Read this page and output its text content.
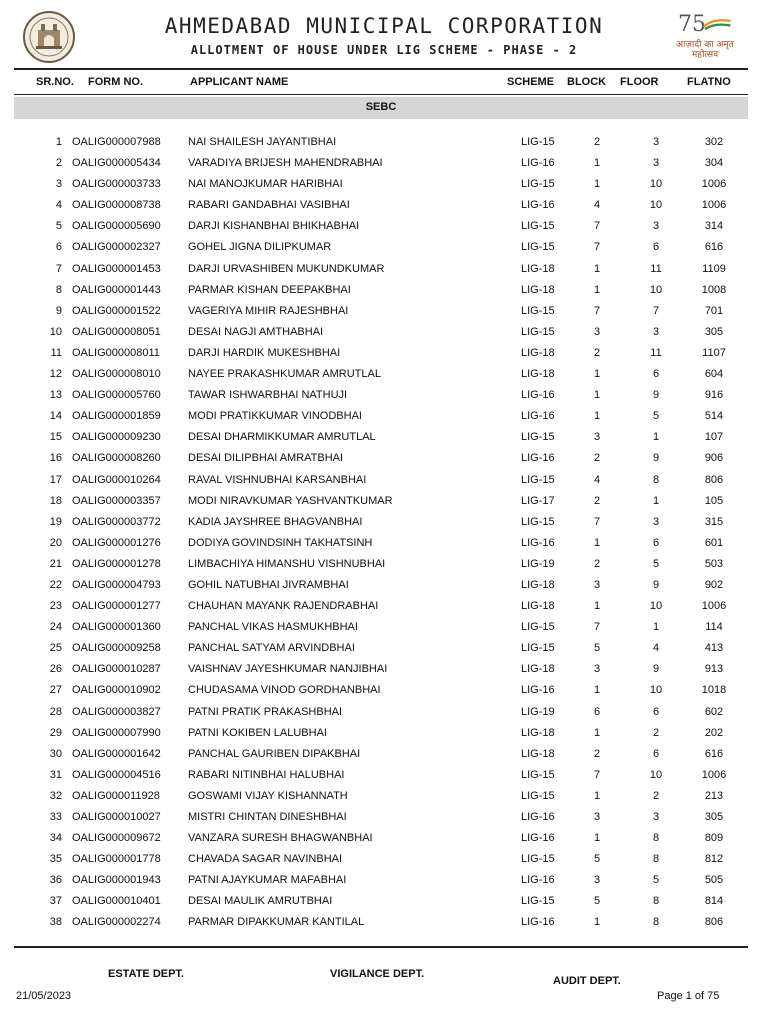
AHMEDABAD MUNICIPAL CORPORATION
ALLOTMENT OF HOUSE UNDER LIG SCHEME - PHASE - 2
75
आज़ादी का अमृत महोत्सव
SR.NO. FORM NO.	APPLICANT NAME	SCHEME BLOCK FLOOR	FLATNO
SEBC
1 OALIG000007988 NAI SHAILESH JAYANTIBHAI	LIG-15	2	3	302
2 OALIG000005434 VARADIYA BRIJESH MAHENDRABHAI	LIG-16	1	3	304
3 OALIG000003733 NAI MANOJKUMAR HARIBHAI	LIG-15	1	10	1006
4 OALIG000008738 RABARI GANDABHAI VASIBHAI	LIG-16	4	10	1006
5 OALIG000005690 DARJI KISHANBHAI BHIKHABHAI	LIG-15	7	3	314
6 OALIG000002327 GOHEL JIGNA DILIPKUMAR	LIG-15	7	6	616
7 OALIG000001453 DARJI URVASHIBEN MUKUNDKUMAR	LIG-18	1	11	1109
8 OALIG000001443 PARMAR KISHAN DEEPAKBHAI	LIG-18	1	10	1008
9 OALIG000001522 VAGERIYA MIHIR RAJESHBHAI	LIG-15	7	7	701
10 OALIG000008051 DESAI NAGJI AMTHABHAI	LIG-15	3	3	305
11 OALIG000008011	DARJI HARDIK MUKESHBHAI	LIG-18	2	11	1107
12 OALIG000008010 NAYEE PRAKASHKUMAR AMRUTLAL	LIG-18	1	6	604
13 OALIG000005760 TAWAR ISHWARBHAI NATHUJI	LIG-16	1	9	916
14 OALIG000001859 MODI PRATIKKUMAR VINODBHAI	LIG-16	1	5	514
15 OALIG000009230 DESAI DHARMIKKUMAR AMRUTLAL	LIG-15	3	1	107
16 OALIG000008260 DESAI DILIPBHAI AMRATBHAI	LIG-16	2	9	906
17 OALIG000010264 RAVAL VISHNUBHAI KARSANBHAI	LIG-15	4	8	806
18 OALIG000003357 MODI NIRAVKUMAR YASHVANTKUMAR	LIG-17	2	1	105
19 OALIG000003772 KADIA JAYSHREE BHAGVANBHAI	LIG-15	7	3	315
20 OALIG000001276 DODIYA GOVINDSINH TAKHATSINH	LIG-16	1	6	601
21 OALIG000001278 LIMBACHIYA HIMANSHU VISHNUBHAI	LIG-19	2	5	503
22 OALIG000004793 GOHIL NATUBHAI JIVRAMBHAI	LIG-18	3	9	902
23 OALIG000001277 CHAUHAN MAYANK RAJENDRABHAI	LIG-18	1	10	1006
24 OALIG000001360 PANCHAL VIKAS HASMUKHBHAI	LIG-15	7	1	114
25 OALIG000009258 PANCHAL SATYAM ARVINDBHAI	LIG-15	5	4	413
26 OALIG000010287 VAISHNAV JAYESHKUMAR NANJIBHAI	LIG-18	3	9	913
27 OALIG000010902 CHUDASAMA VINOD GORDHANBHAI	LIG-16	1	10	1018
28 OALIG000003827 PATNI PRATIK PRAKASHBHAI	LIG-19	6	6	602
29 OALIG000007990 PATNI KOKIBEN LALUBHAI	LIG-18	1	2	202
30 OALIG000001642 PANCHAL GAURIBEN DIPAKBHAI	LIG-18	2	6	616
31 OALIG000004516 RABARI NITINBHAI HALUBHAI	LIG-15	7	10	1006
32 OALIG000011928	GOSWAMI VIJAY KISHANNATH	LIG-15	1	2	213
33 OALIG000010027 MISTRI CHINTAN DINESHBHAI	LIG-16	3	3	305
34 OALIG000009672 VANZARA SURESH BHAGWANBHAI	LIG-16	1	8	809
35 OALIG000001778 CHAVADA SAGAR NAVINBHAI	LIG-15	5	8	812
36 OALIG000001943 PATNI AJAYKUMAR MAFABHAI	LIG-16	3	5	505
37 OALIG000010401 DESAI MAULIK AMRUTBHAI	LIG-15	5	8	814
38 OALIG000002274 PARMAR DIPAKKUMAR KANTILAL	LIG-16	1	8	806
ESTATE DEPT.	VIGILANCE DEPT.
AUDIT DEPT.
21/05/2023	Page 1 of 75
